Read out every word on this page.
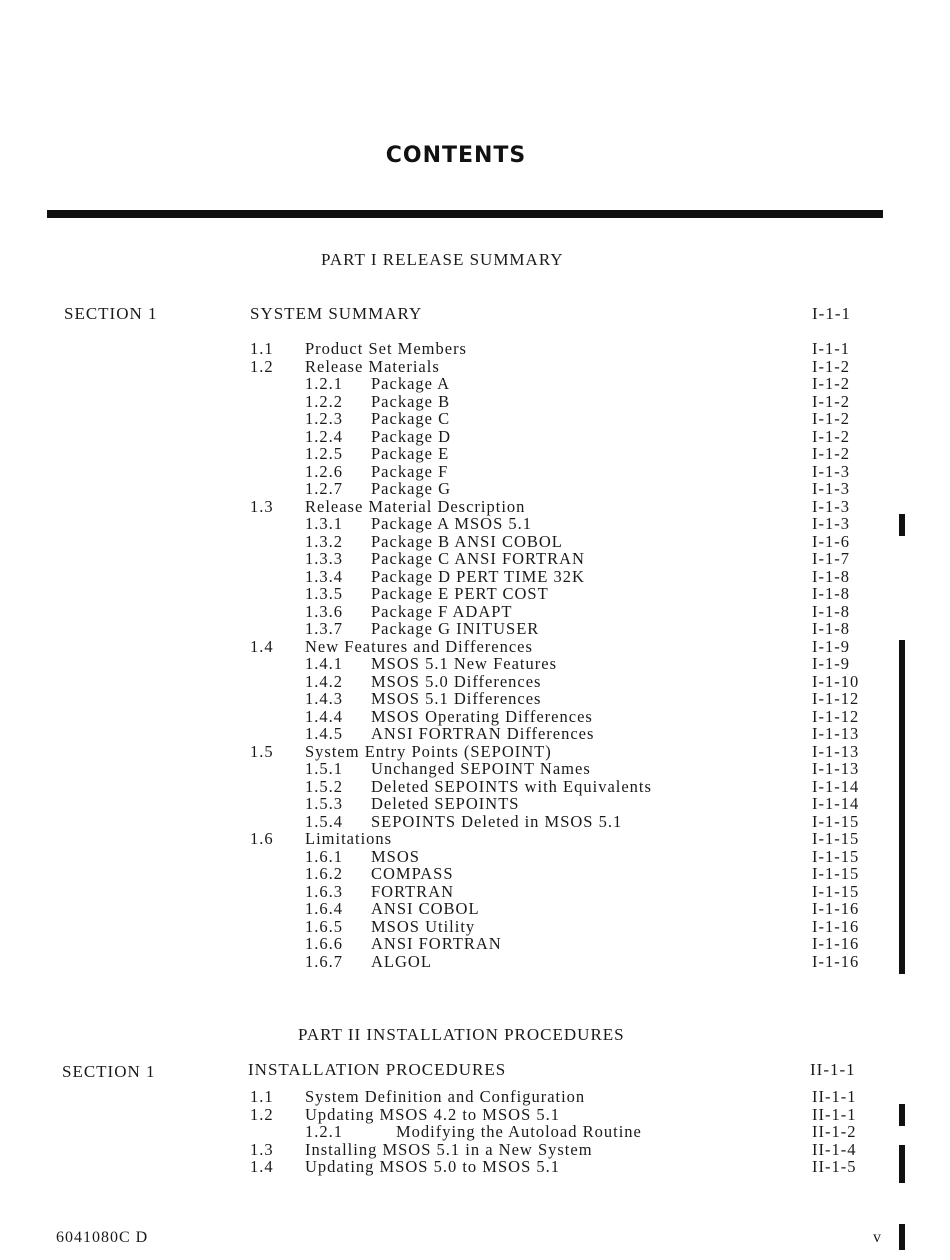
CONTENTS
PART I RELEASE SUMMARY
SECTION 1	SYSTEM SUMMARY	I-1-1
1.1 Product Set Members	I-1-1
1.2 Release Materials	I-1-2
1.2.1 Package A	I-1-2
1.2.2 Package B	I-1-2
1.2.3 Package C	I-1-2
1.2.4 Package D	I-1-2
1.2.5 Package E	I-1-2
1.2.6 Package F	I-1-3
1.2.7 Package G	I-1-3
1.3 Release Material Description	I-1-3
1.3.1 Package A MSOS 5.1	I-1-3
1.3.2 Package B ANSI COBOL	I-1-6
1.3.3 Package C ANSI FORTRAN	I-1-7
1.3.4 Package D PERT TIME 32K	I-1-8
1.3.5 Package E PERT COST	I-1-8
1.3.6 Package F ADAPT	I-1-8
1.3.7 Package G INITUSER	I-1-8
1.4 New Features and Differences	I-1-9
1.4.1 MSOS 5.1 New Features	I-1-9
1.4.2 MSOS 5.0 Differences	I-1-10
1.4.3 MSOS 5.1 Differences	I-1-12
1.4.4 MSOS Operating Differences	I-1-12
1.4.5 ANSI FORTRAN Differences	I-1-13
1.5 System Entry Points (SEPOINT)	I-1-13
1.5.1 Unchanged SEPOINT Names	I-1-13
1.5.2 Deleted SEPOINTS with Equivalents	I-1-14
1.5.3 Deleted SEPOINTS	I-1-14
1.5.4 SEPOINTS Deleted in MSOS 5.1	I-1-15
1.6 Limitations	I-1-15
1.6.1 MSOS	I-1-15
1.6.2 COMPASS	I-1-15
1.6.3 FORTRAN	I-1-15
1.6.4 ANSI COBOL	I-1-16
1.6.5 MSOS Utility	I-1-16
1.6.6 ANSI FORTRAN	I-1-16
1.6.7 ALGOL	I-1-16
PART II INSTALLATION PROCEDURES
SECTION 1	INSTALLATION PROCEDURES	II-1-1
1.1 System Definition and Configuration	II-1-1
1.2 Updating MSOS 4.2 to MSOS 5.1	II-1-1
1.2.1	Modifying the Autoload Routine	II-1-2
1.3 Installing MSOS 5.1 in a New System	II-1-4
1.4 Updating MSOS 5.0 to MSOS 5.1	II-1-5
6041080C D	v
